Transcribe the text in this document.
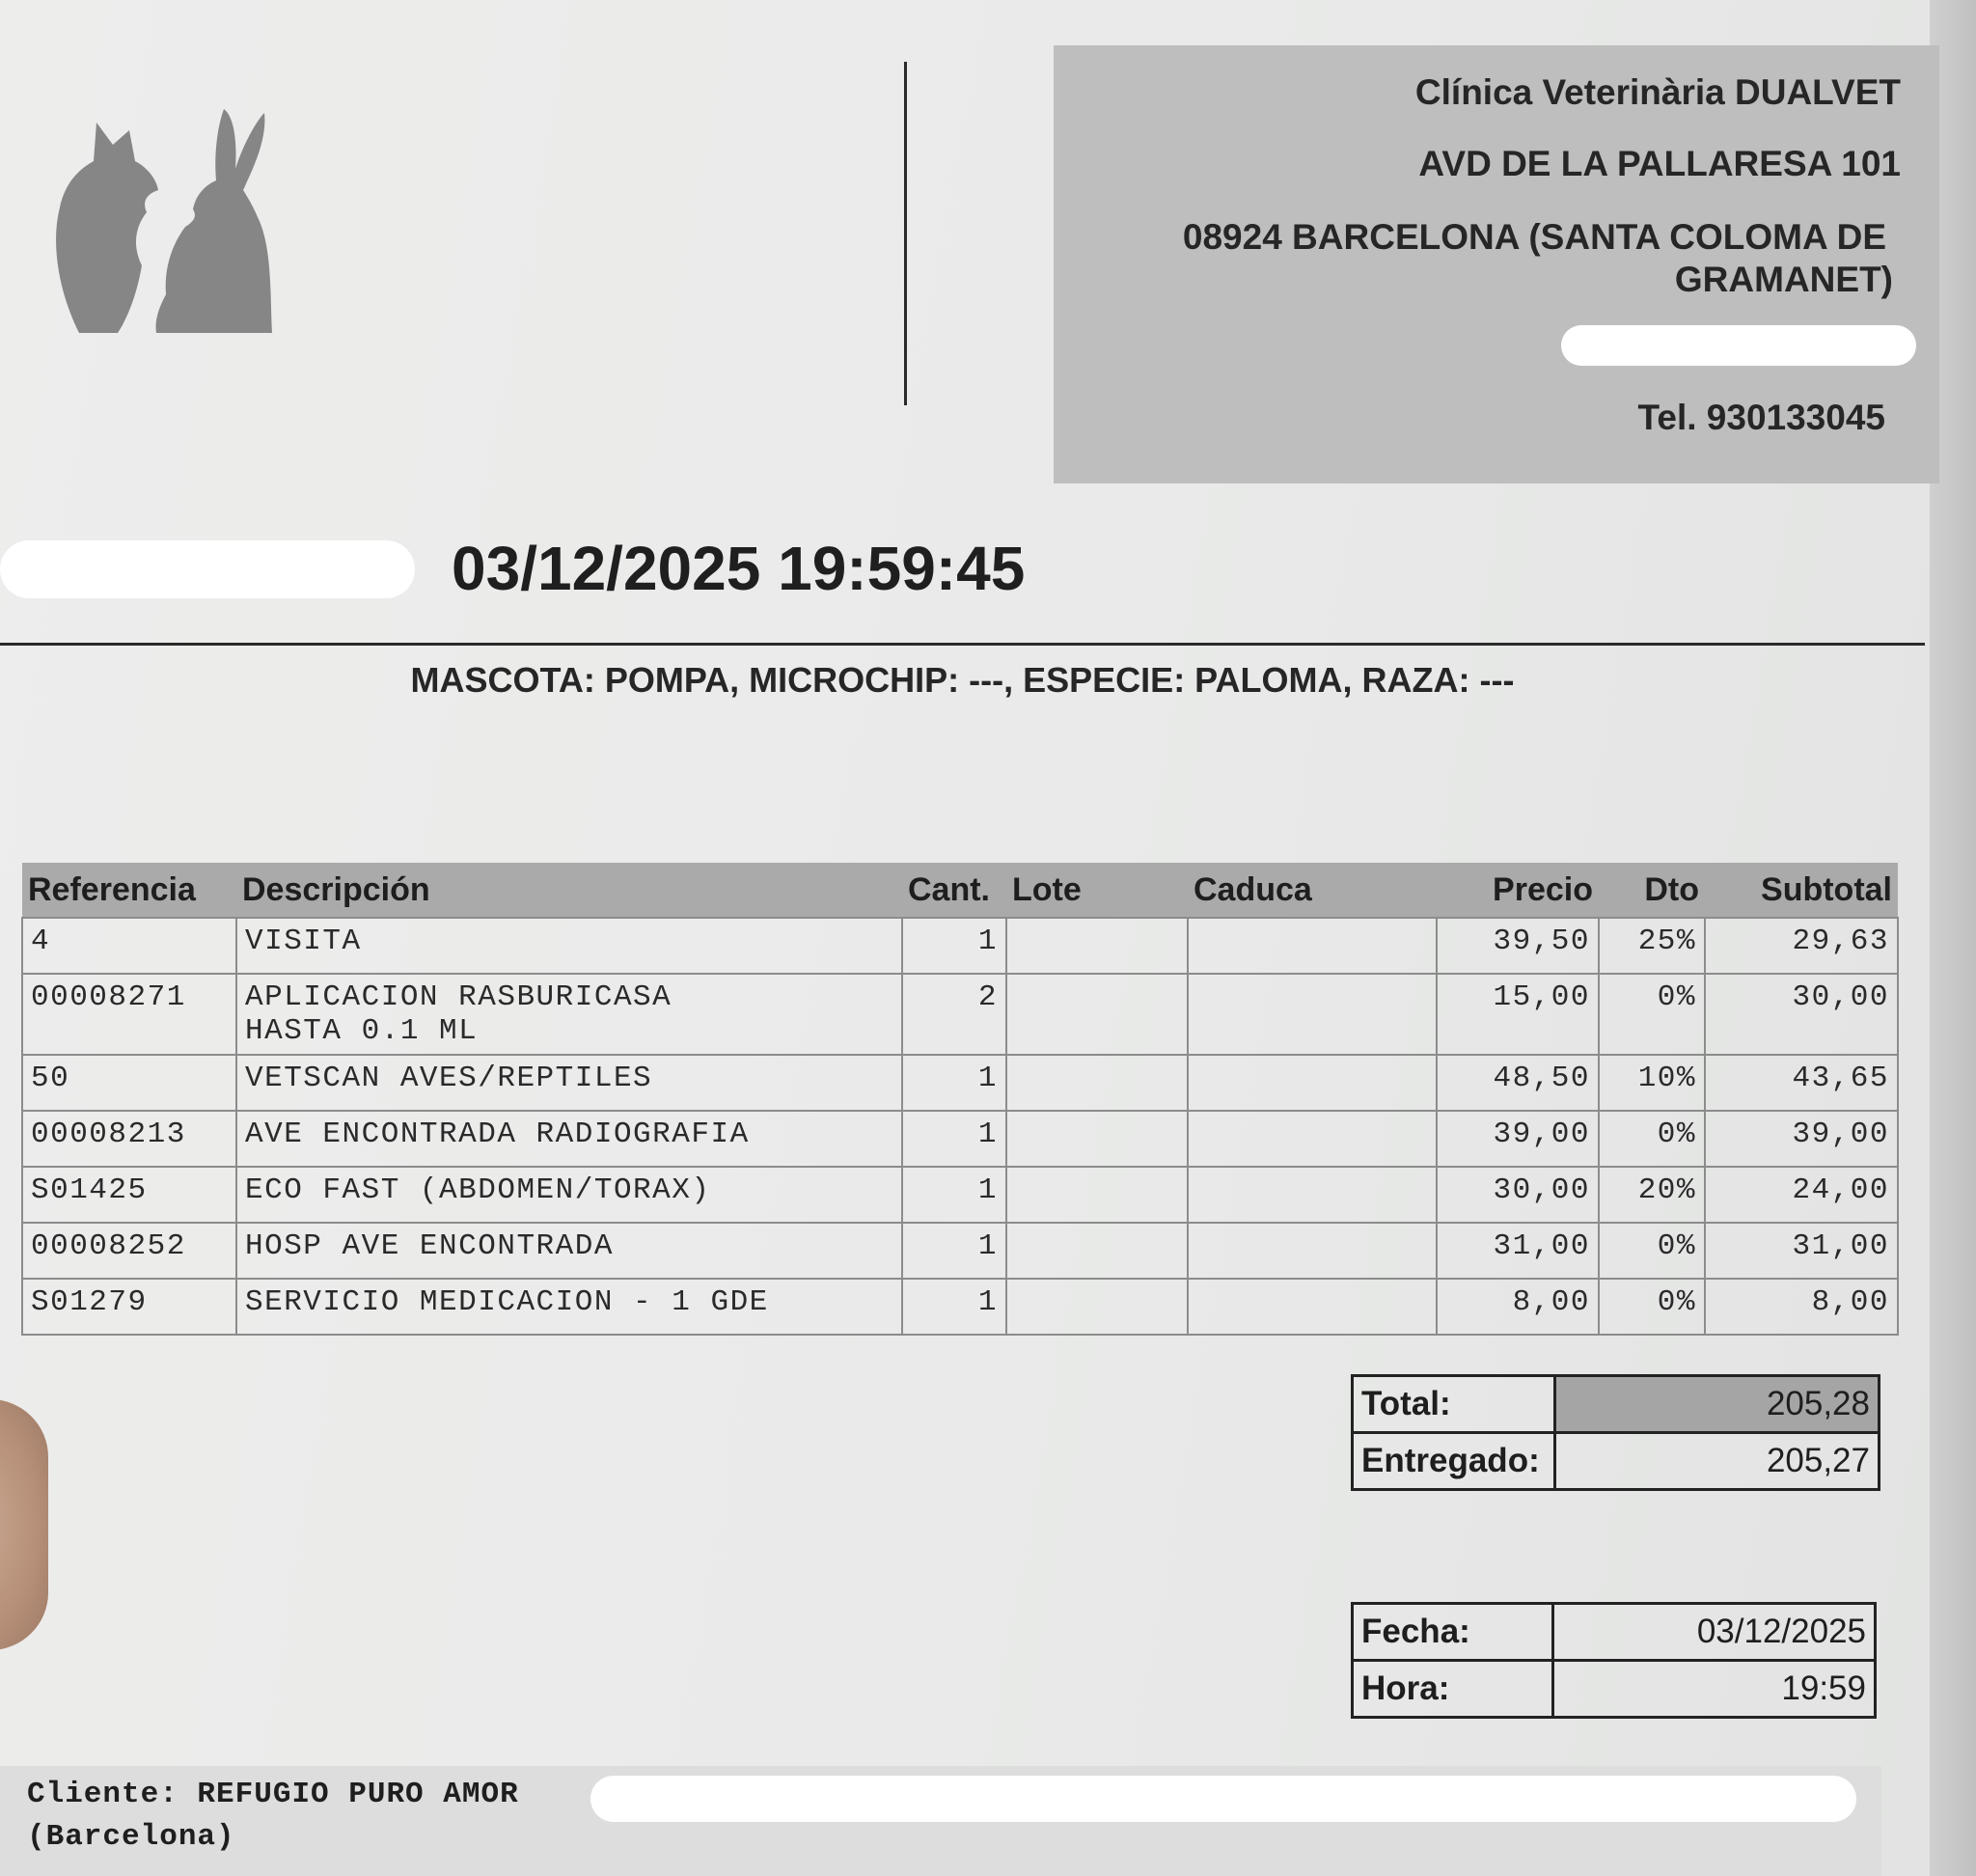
Clínica Veterinària DUALVET
AVD DE LA PALLARESA 101
08924 BARCELONA (SANTA COLOMA DE
GRAMANET)
Tel. 930133045
03/12/2025 19:59:45
MASCOTA: POMPA, MICROCHIP: ---, ESPECIE: PALOMA, RAZA: ---
Referencia	Descripción	Cant.	Lote	Caduca	Precio	Dto	Subtotal
4	VISITA	1			39,50	25%	29,63
00008271	APLICACION RASBURICASA HASTA 0.1 ML	2			15,00	0%	30,00
50	VETSCAN AVES/REPTILES	1			48,50	10%	43,65
00008213	AVE ENCONTRADA RADIOGRAFIA	1			39,00	0%	39,00
S01425	ECO FAST (ABDOMEN/TORAX)	1			30,00	20%	24,00
00008252	HOSP AVE ENCONTRADA	1			31,00	0%	31,00
S01279	SERVICIO MEDICACION - 1 GDE	1			8,00	0%	8,00
Total:	205,28
Entregado:	205,27
Fecha:	03/12/2025
Hora:	19:59
Cliente: REFUGIO PURO AMOR
(Barcelona)
